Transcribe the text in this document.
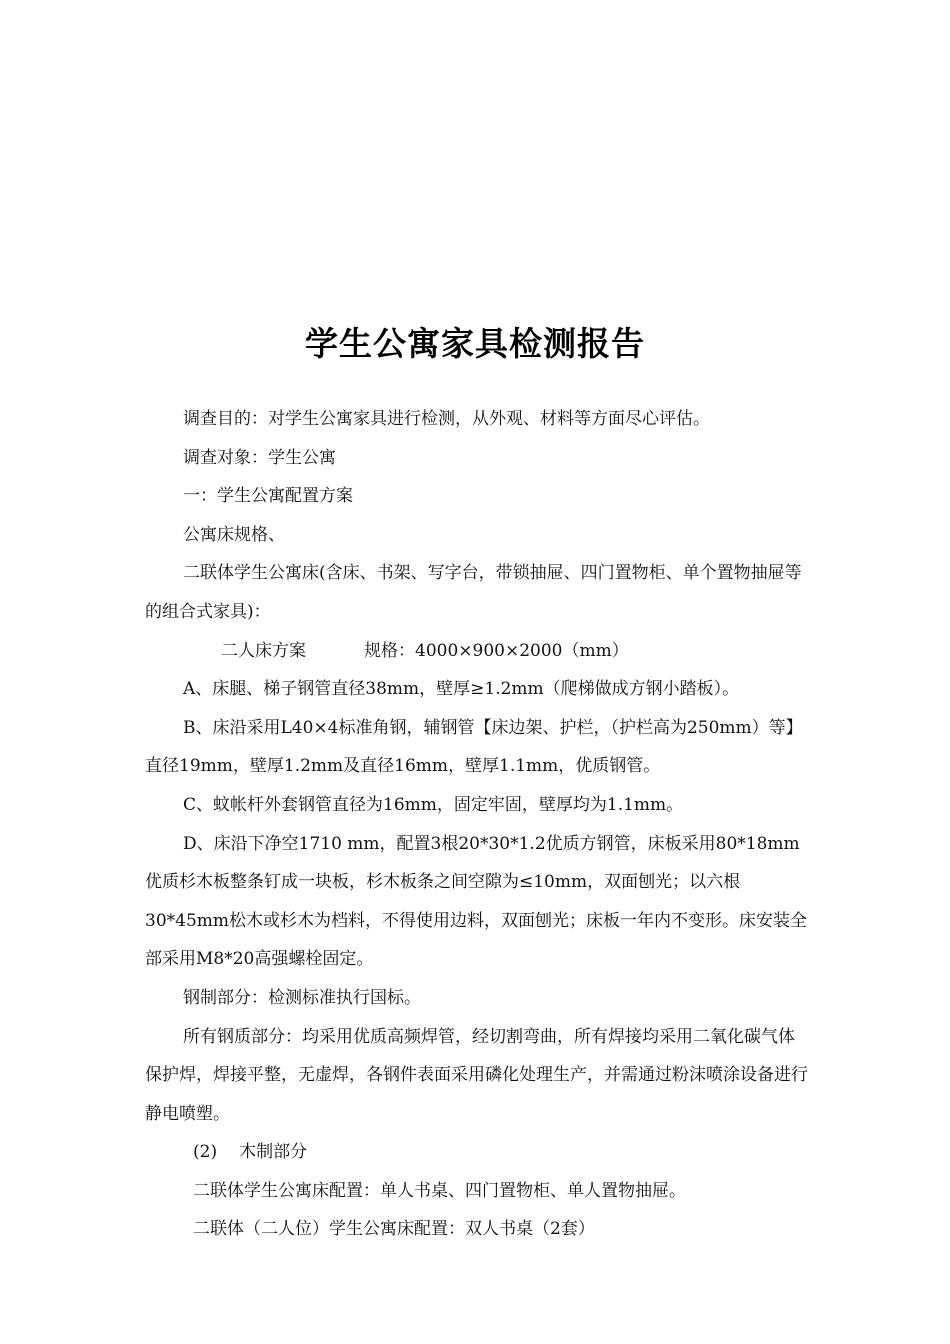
学生公寓家具检测报告

调查目的：对学生公寓家具进行检测，从外观、材料等方面尽心评估。

调查对象：学生公寓

一：学生公寓配置方案

公寓床规格、

二联体学生公寓床(含床、书架、写字台，带锁抽屉、四门置物柜、单个置物抽屉等的组合式家具)：

二人床方案	规格：4000×900×2000（mm）

A、床腿、梯子钢管直径38mm，壁厚≥1.2mm（爬梯做成方钢小踏板）。

B、床沿采用L40×4标准角钢，辅钢管【床边架、护栏，（护栏高为250mm）等】直径19mm，壁厚1.2mm及直径16mm，壁厚1.1mm，优质钢管。

C、蚊帐杆外套钢管直径为16mm，固定牢固，壁厚均为1.1mm。

D、床沿下净空1710 mm，配置3根20*30*1.2优质方钢管，床板采用80*18mm优质杉木板整条钉成一块板，杉木板条之间空隙为≤10mm，双面刨光；以六根30*45mm松木或杉木为档料，不得使用边料，双面刨光；床板一年内不变形。床安装全部采用M8*20高强螺栓固定。

钢制部分：检测标准执行国标。

所有钢质部分：均采用优质高频焊管，经切割弯曲，所有焊接均采用二氧化碳气体保护焊，焊接平整，无虚焊，各钢件表面采用磷化处理生产，并需通过粉沫喷涂设备进行静电喷塑。

(2) 木制部分

二联体学生公寓床配置：单人书桌、四门置物柜、单人置物抽屉。

二联体（二人位）学生公寓床配置：双人书桌（2套）
